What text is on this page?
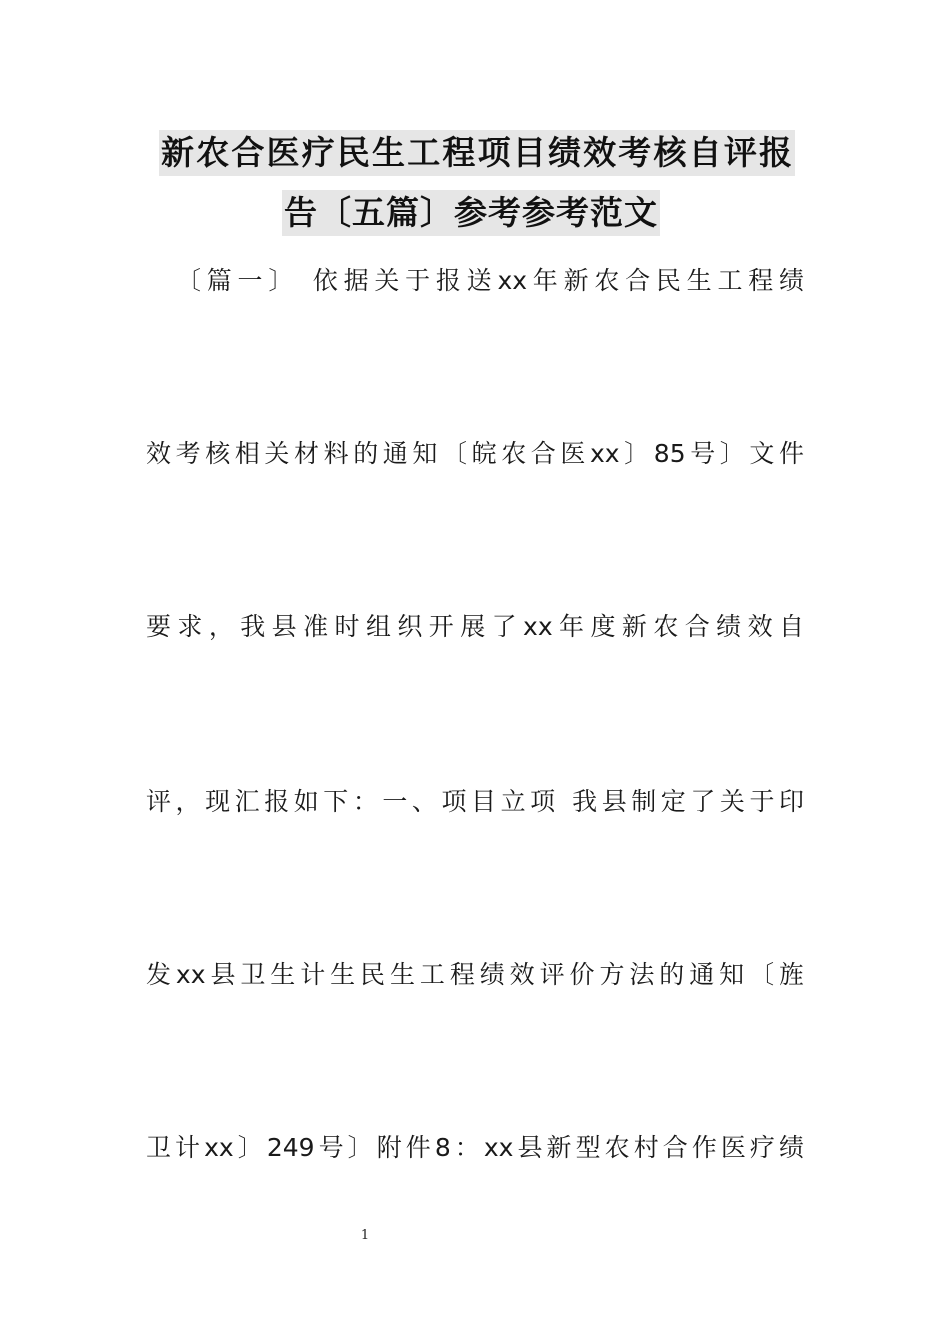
新农合医疗民生工程项目绩效考核自评报
告〔五篇〕参考参考范文
〔篇一〕 依据关于报送xx年新农合民生工程绩
效考核相关材料的通知〔皖农合医xx〕85号〕文件
要求，我县准时组织开展了xx年度新农合绩效自
评，现汇报如下：一、项目立项 我县制定了关于印
发xx县卫生计生民生工程绩效评价方法的通知〔旌
卫计xx〕249号〕附件8：xx县新型农村合作医疗绩
1
